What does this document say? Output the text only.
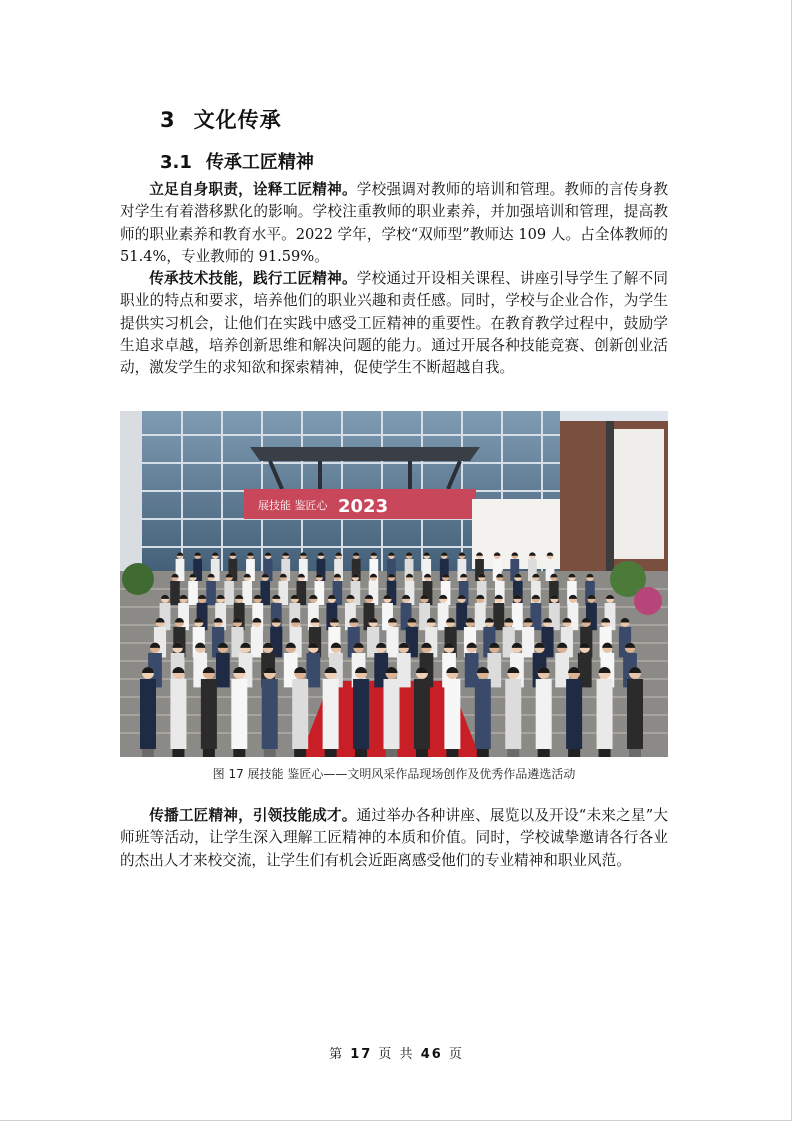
3 文化传承
3.1 传承工匠精神

立足自身职责，诠释工匠精神。学校强调对教师的培训和管理。教师的言传身教对学生有着潜移默化的影响。学校注重教师的职业素养，并加强培训和管理，提高教师的职业素养和教育水平。2022 学年，学校“双师型”教师达 109 人。占全体教师的 51.4%，专业教师的 91.59%。

传承技术技能，践行工匠精神。学校通过开设相关课程、讲座引导学生了解不同职业的特点和要求，培养他们的职业兴趣和责任感。同时，学校与企业合作，为学生提供实习机会，让他们在实践中感受工匠精神的重要性。在教育教学过程中，鼓励学生追求卓越，培养创新思维和解决问题的能力。通过开展各种技能竞赛、创新创业活动，激发学生的求知欲和探索精神，促使学生不断超越自我。

展技能 鉴匠心 2023
图 17 展技能 鉴匠心——文明风采作品现场创作及优秀作品遴选活动

传播工匠精神，引领技能成才。通过举办各种讲座、展览以及开设“未来之星”大师班等活动，让学生深入理解工匠精神的本质和价值。同时，学校诚挚邀请各行各业的杰出人才来校交流，让学生们有机会近距离感受他们的专业精神和职业风范。

第 17 页 共 46 页
